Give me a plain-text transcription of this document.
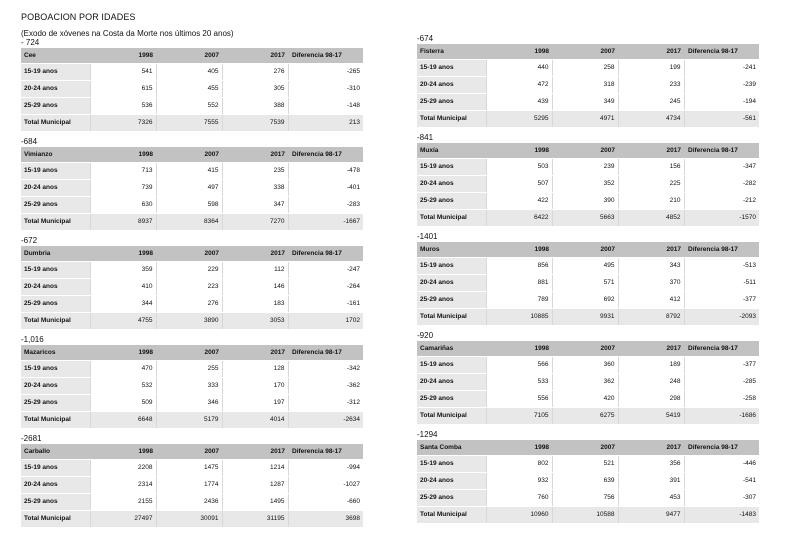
POBOACION POR IDADES
(Exodo de xóvenes na Costa da Morte nos últimos 20 anos)
- 724
Cee	1998	2007	2017	Diferencia 98-17
15-19 anos	541	405	276	-265
20-24 anos	615	455	305	-310
25-29 anos	536	552	388	-148
Total Municipal	7326	7555	7539	213
-684
Vimianzo	1998	2007	2017	Diferencia 98-17
15-19 anos	713	415	235	-478
20-24 anos	739	497	338	-401
25-29 anos	630	598	347	-283
Total Municipal	8937	8364	7270	-1667
-672
Dumbria	1998	2007	2017	Diferencia 98-17
15-19 anos	359	229	112	-247
20-24 anos	410	223	146	-264
25-29 anos	344	276	183	-161
Total Municipal	4755	3890	3053	1702
-1,016
Mazaricos	1998	2007	2017	Diferencia 98-17
15-19 anos	470	255	128	-342
20-24 anos	532	333	170	-362
25-29 anos	509	346	197	-312
Total Municipal	6648	5179	4014	-2634
-2681
Carballo	1998	2007	2017	Diferencia 98-17
15-19 anos	2208	1475	1214	-994
20-24 anos	2314	1774	1287	-1027
25-29 anos	2155	2436	1495	-660
Total Municipal	27497	30091	31195	3698
-674
Fisterra	1998	2007	2017	Diferencia 98-17
15-19 anos	440	258	199	-241
20-24 anos	472	318	233	-239
25-29 anos	439	349	245	-194
Total Municipal	5295	4971	4734	-561
-841
Muxía	1998	2007	2017	Diferencia 98-17
15-19 anos	503	239	156	-347
20-24 anos	507	352	225	-282
25-29 anos	422	390	210	-212
Total Municipal	6422	5663	4852	-1570
-1401
Muros	1998	2007	2017	Diferencia 98-17
15-19 anos	856	495	343	-513
20-24 anos	881	571	370	-511
25-29 anos	789	692	412	-377
Total Municipal	10885	9931	8792	-2093
-920
Camariñas	1998	2007	2017	Diferencia 98-17
15-19 anos	566	360	189	-377
20-24 anos	533	362	248	-285
25-29 anos	556	420	298	-258
Total Municipal	7105	6275	5419	-1686
-1294
Santa Comba	1998	2007	2017	Diferencia 98-17
15-19 anos	802	521	356	-446
20-24 anos	932	639	391	-541
25-29 anos	760	756	453	-307
Total Municipal	10960	10588	9477	-1483
